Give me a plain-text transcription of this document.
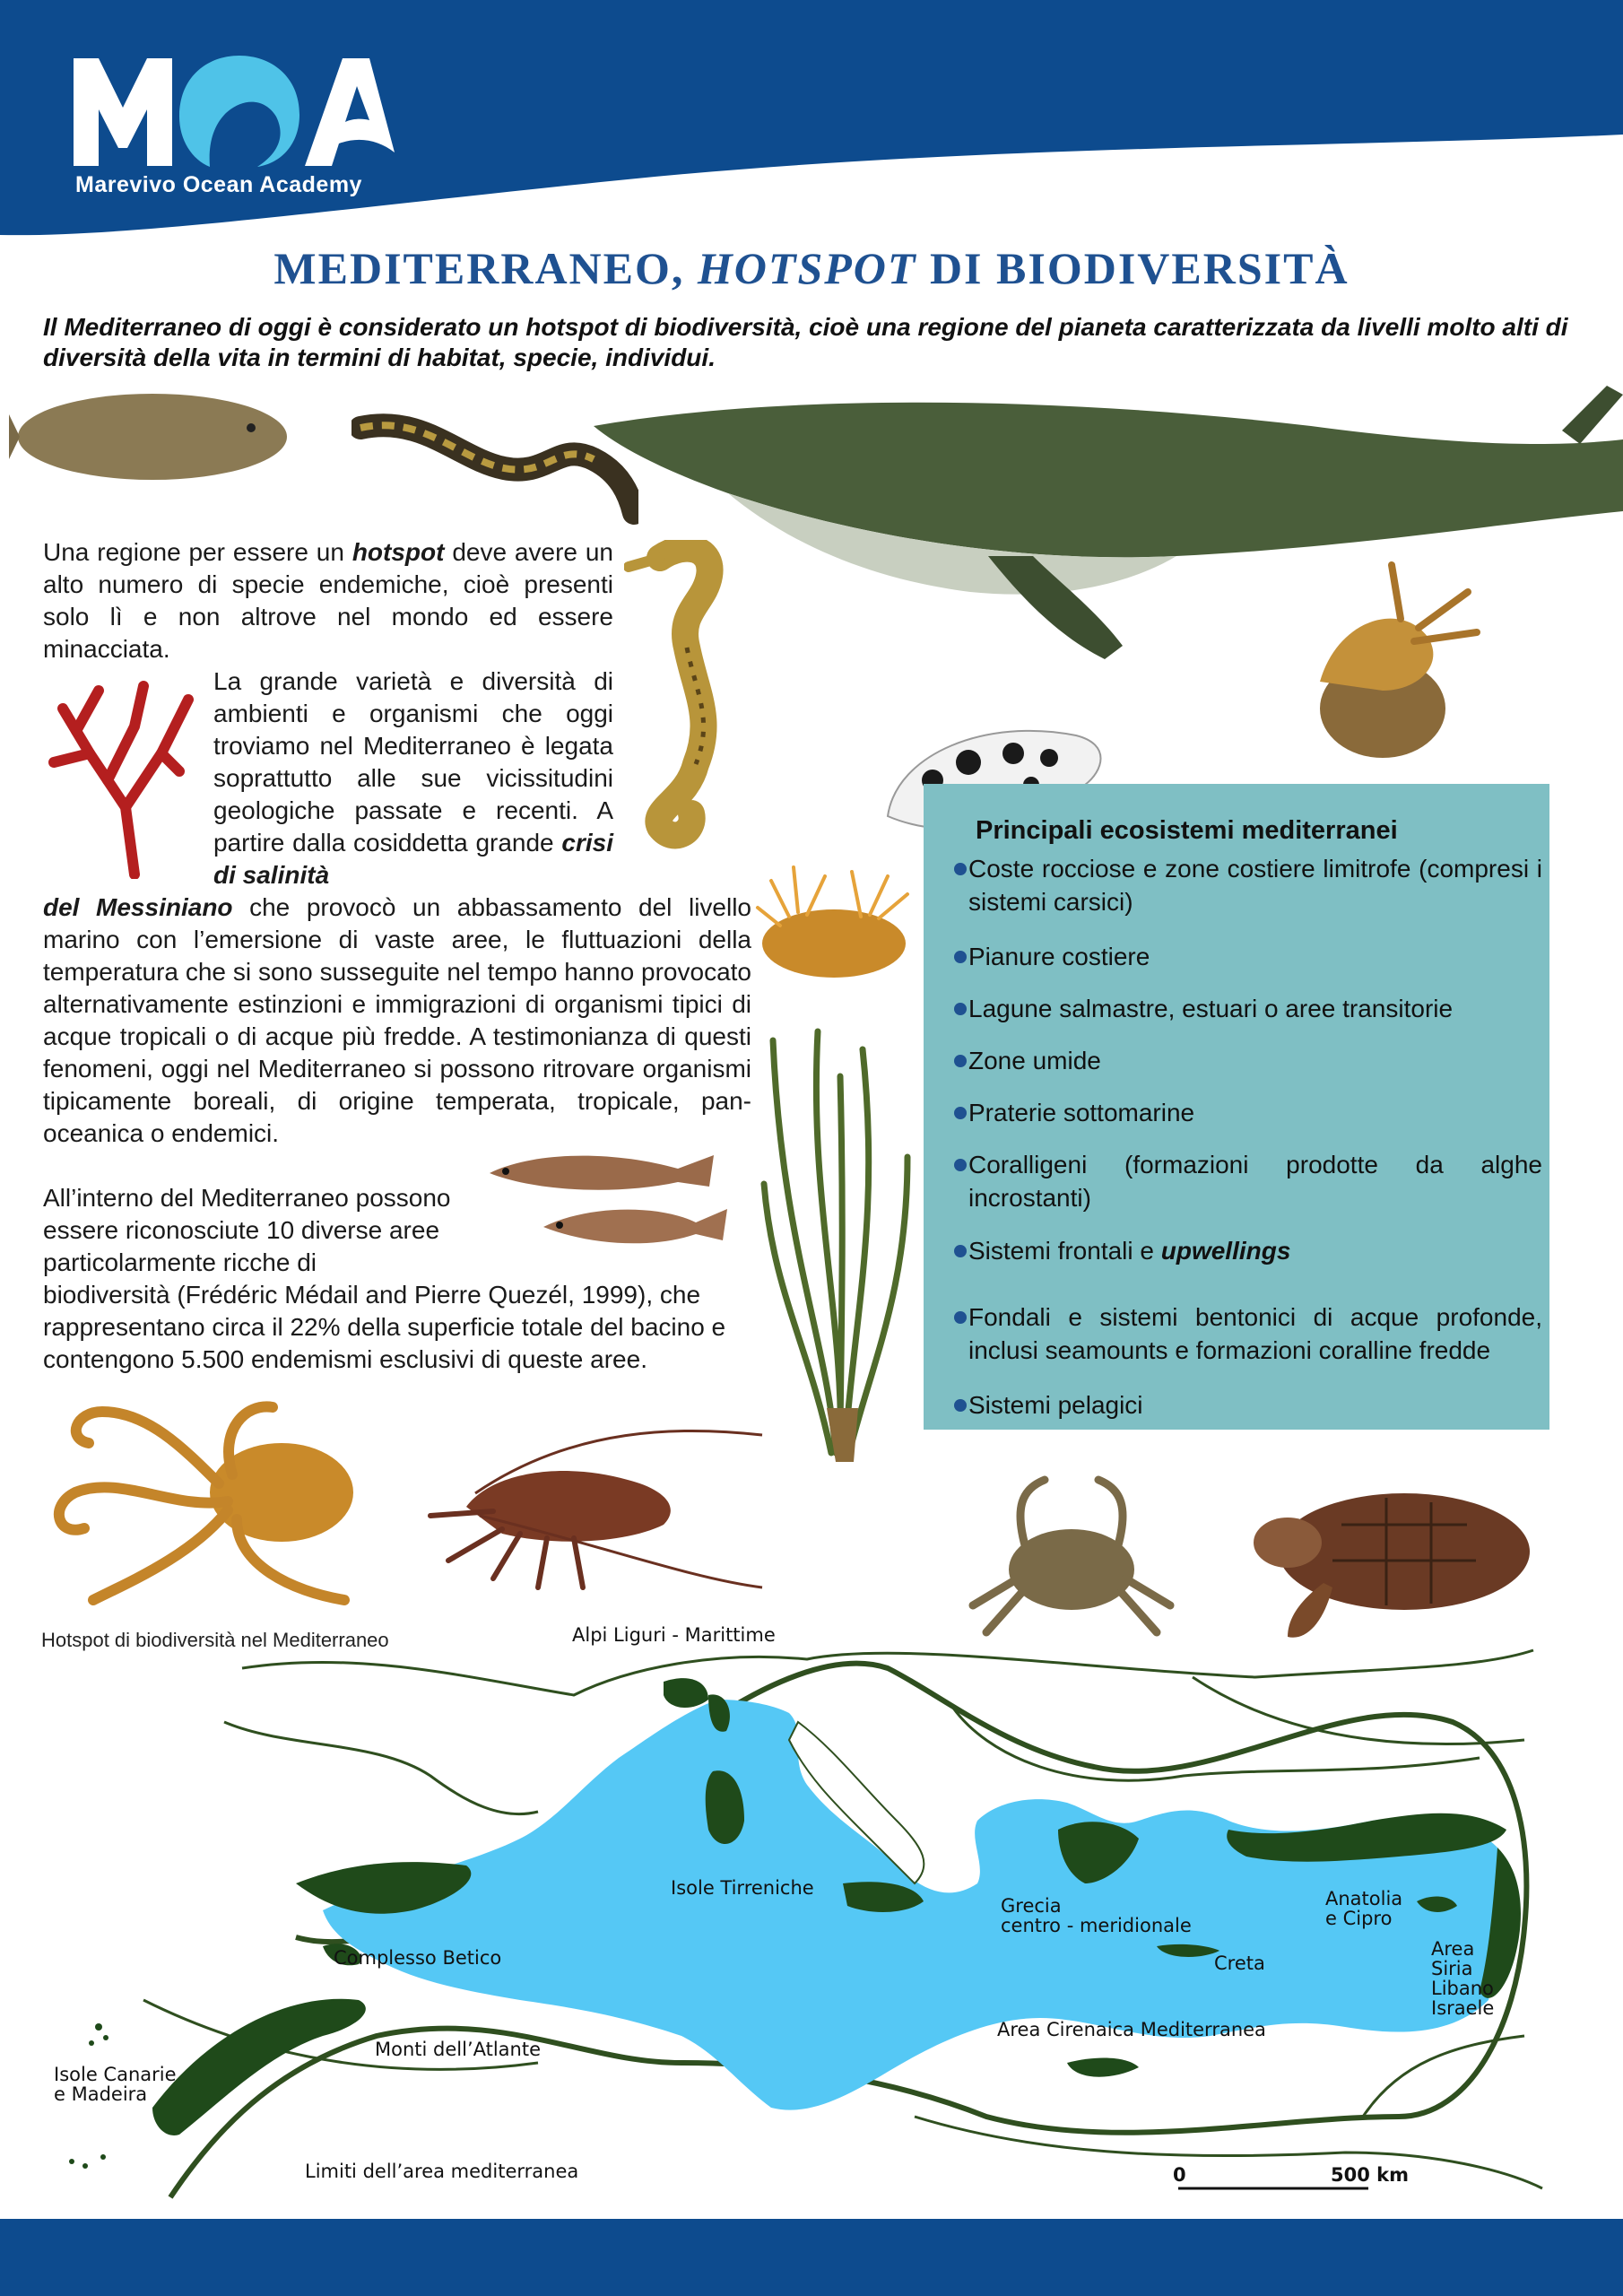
Marevivo Ocean Academy
MEDITERRANEO, HOTSPOT DI BIODIVERSITÀ
Il Mediterraneo di oggi è considerato un hotspot di biodiversità, cioè una regione del pianeta caratterizzata da livelli molto alti di diversità della vita in termini di habitat, specie, individui.
Una regione per essere un hotspot deve avere un alto numero di specie endemiche, cioè presenti solo lì e non altrove nel mondo ed essere minacciata.
La grande varietà e diversità di ambienti e organismi che oggi troviamo nel Mediterraneo è legata soprattutto alle sue vicissitudini geologiche passate e recenti. A partire dalla cosiddetta grande crisi di salinità
del Messiniano che provocò un abbassamento del livello marino con l’emersione di vaste aree, le fluttuazioni della temperatura che si sono susseguite nel tempo hanno provocato alternativamente estinzioni e immigrazioni di organismi tipici di acque tropicali o di acque più fredde. A testimonianza di questi fenomeni, oggi nel Mediterraneo si possono ritrovare organismi tipicamente boreali, di origine temperata, tropicale, pan-oceanica o endemici.
All’interno del Mediterraneo possono essere riconosciute 10 diverse aree particolarmente ricche di
biodiversità (Frédéric Médail and Pierre Quezél, 1999), che rappresentano circa il 22% della superficie totale del bacino e contengono 5.500 endemismi esclusivi di queste aree.
Principali ecosistemi mediterranei
Coste rocciose e zone costiere limitrofe (compresi i sistemi carsici)
Pianure costiere
Lagune salmastre, estuari o aree transitorie
Zone umide
Praterie sottomarine
Coralligeni (formazioni prodotte da alghe incrostanti)
Sistemi frontali e upwellings
Fondali e sistemi bentonici di acque profonde, inclusi seamounts e formazioni coralline fredde
Sistemi pelagici
Hotspot di biodiversità nel Mediterraneo	Alpi Liguri - Marittime
Isole Tirreniche
Grecia
centro - meridionale
Anatolia
e Cipro
Creta
Area
Siria
Libano
Israele
Complesso Betico
Monti dell’Atlante
Isole Canarie
e Madeira
Area Cirenaica Mediterranea
Limiti dell’area mediterranea	0	500 km
